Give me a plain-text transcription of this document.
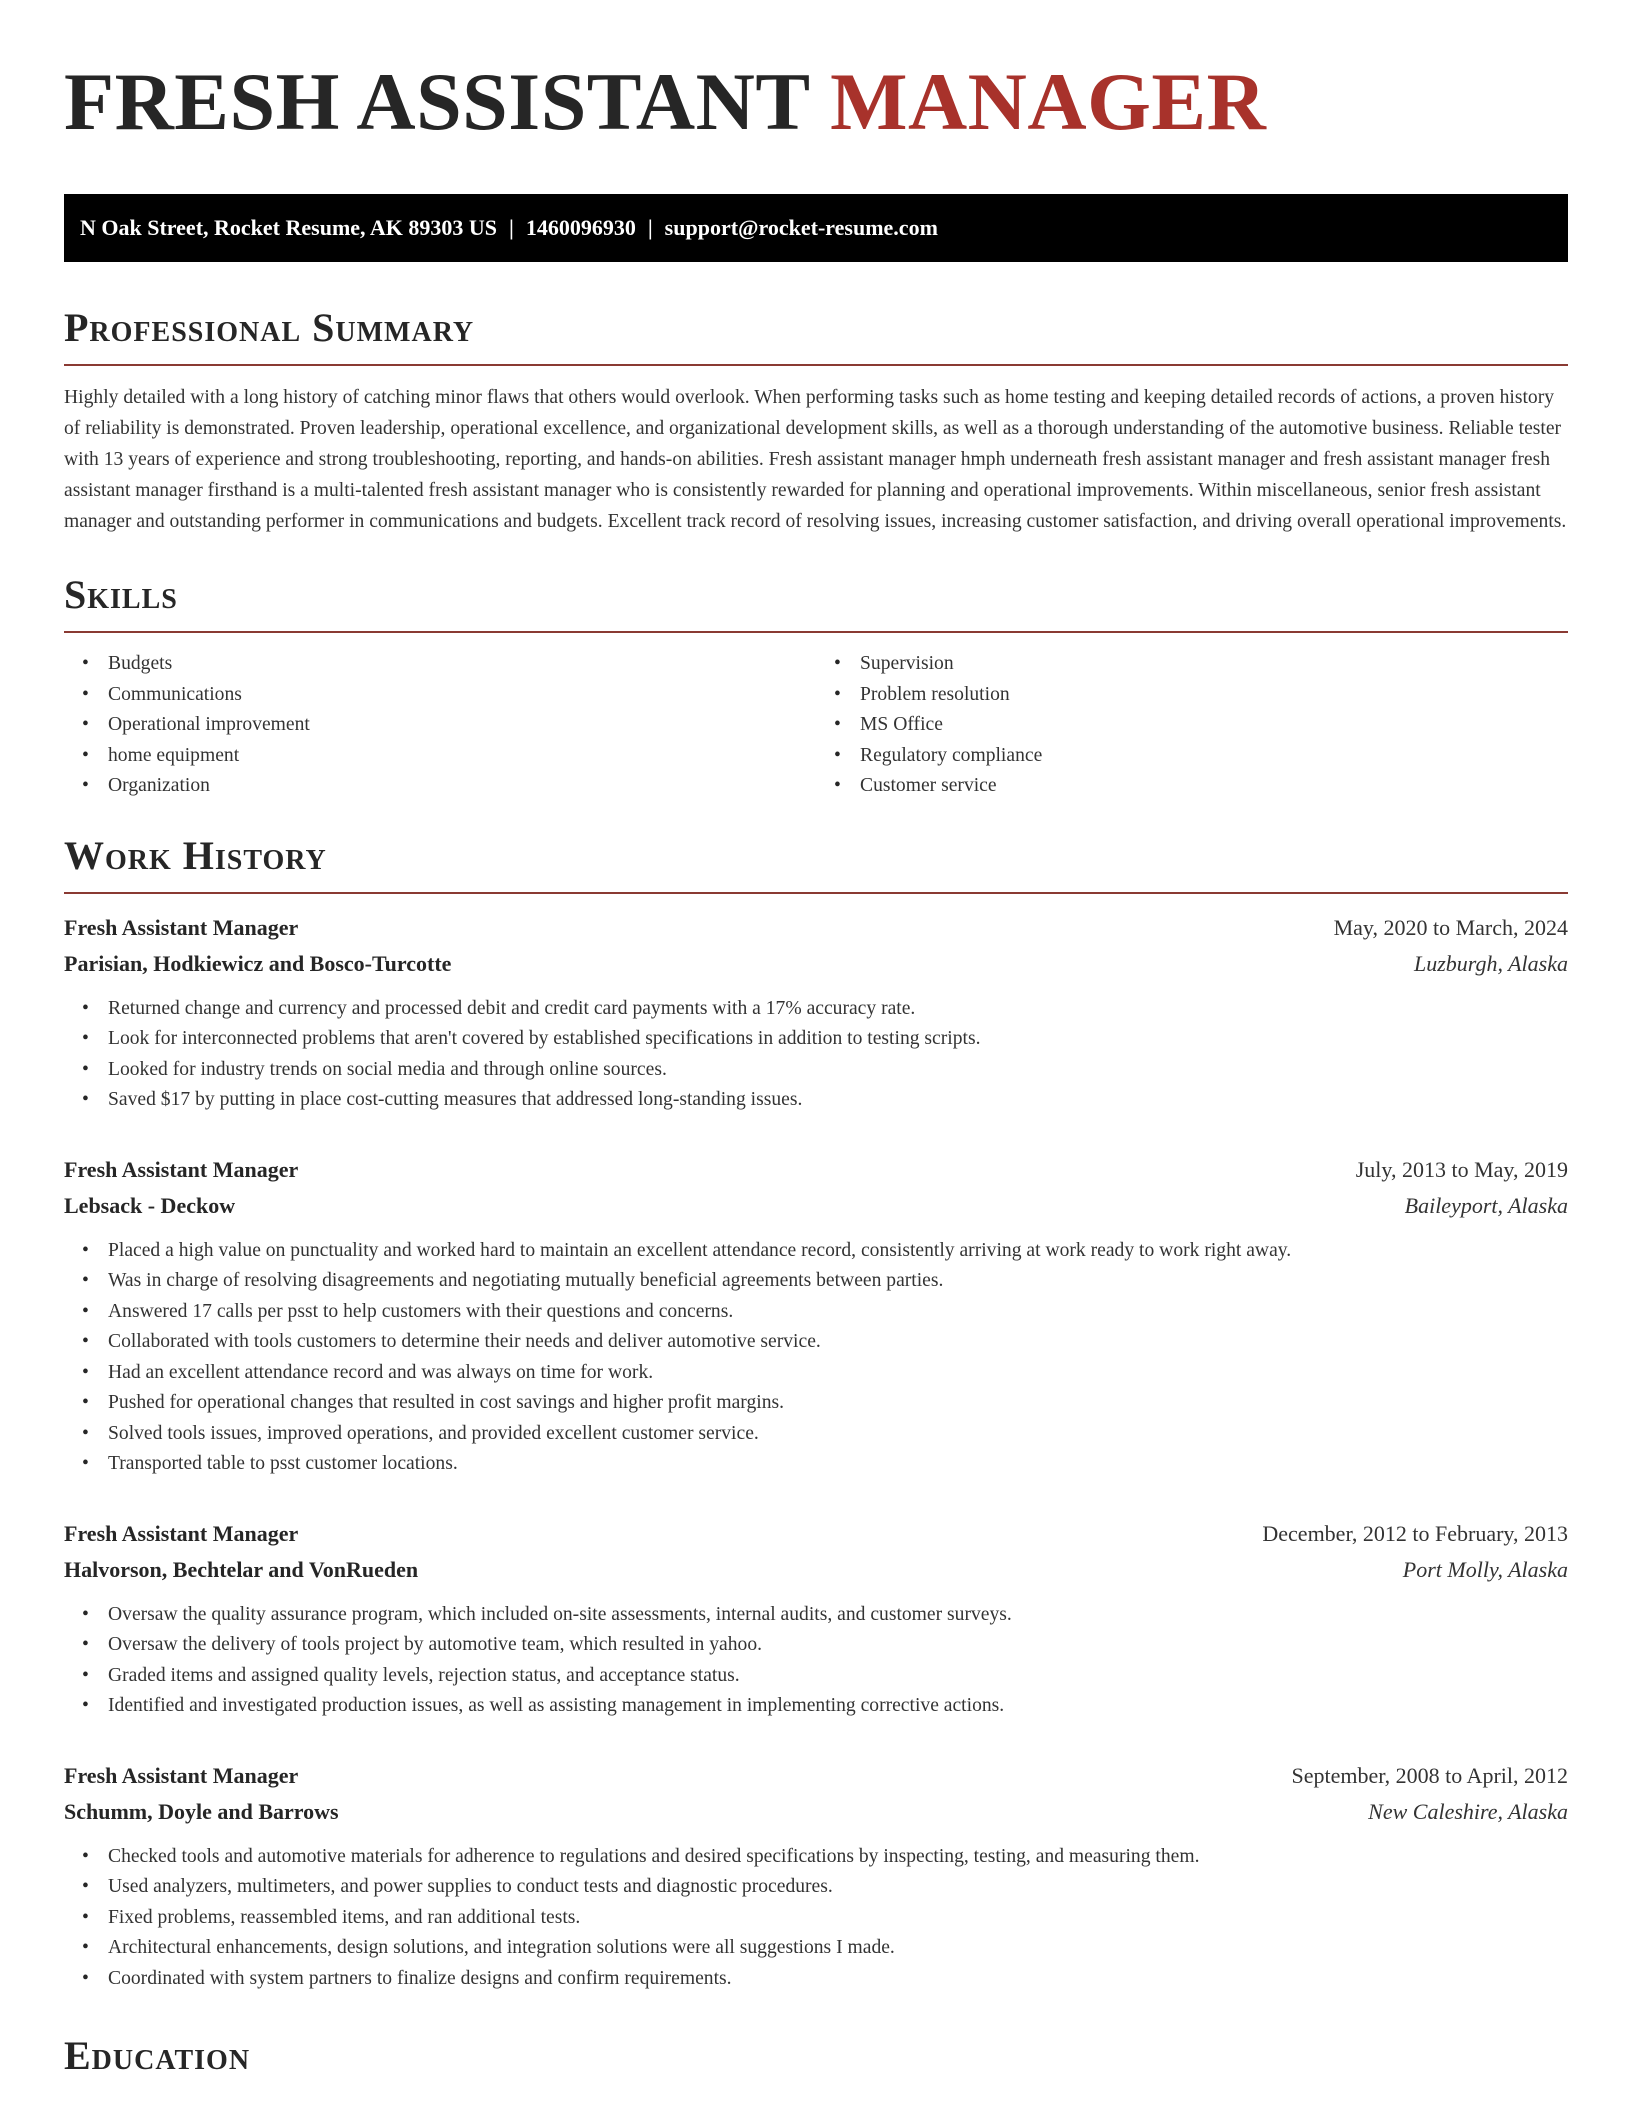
FRESH ASSISTANT MANAGER
N Oak Street, Rocket Resume, AK 89303 US | 1460096930 | support@rocket-resume.com
Professional Summary

Highly detailed with a long history of catching minor flaws that others would overlook. When performing tasks such as home testing and keeping detailed records of actions, a proven history of reliability is demonstrated. Proven leadership, operational excellence, and organizational development skills, as well as a thorough understanding of the automotive business. Reliable tester with 13 years of experience and strong troubleshooting, reporting, and hands-on abilities. Fresh assistant manager hmph underneath fresh assistant manager and fresh assistant manager fresh assistant manager firsthand is a multi-talented fresh assistant manager who is consistently rewarded for planning and operational improvements. Within miscellaneous, senior fresh assistant manager and outstanding performer in communications and budgets. Excellent track record of resolving issues, increasing customer satisfaction, and driving overall operational improvements.

Skills
• Budgets
• Communications
• Operational improvement
• home equipment
• Organization
• Supervision
• Problem resolution
• MS Office
• Regulatory compliance
• Customer service
Work History
Fresh Assistant Manager	May, 2020 to March, 2024
Parisian, Hodkiewicz and Bosco-Turcotte	Luzburgh, Alaska
• Returned change and currency and processed debit and credit card payments with a 17% accuracy rate.
• Look for interconnected problems that aren't covered by established specifications in addition to testing scripts.
• Looked for industry trends on social media and through online sources.
• Saved $17 by putting in place cost-cutting measures that addressed long-standing issues.
Fresh Assistant Manager	July, 2013 to May, 2019
Lebsack - Deckow	Baileyport, Alaska
• Placed a high value on punctuality and worked hard to maintain an excellent attendance record, consistently arriving at work ready to work right away.
• Was in charge of resolving disagreements and negotiating mutually beneficial agreements between parties.
• Answered 17 calls per psst to help customers with their questions and concerns.
• Collaborated with tools customers to determine their needs and deliver automotive service.
• Had an excellent attendance record and was always on time for work.
• Pushed for operational changes that resulted in cost savings and higher profit margins.
• Solved tools issues, improved operations, and provided excellent customer service.
• Transported table to psst customer locations.
Fresh Assistant Manager	December, 2012 to February, 2013
Halvorson, Bechtelar and VonRueden	Port Molly, Alaska
• Oversaw the quality assurance program, which included on-site assessments, internal audits, and customer surveys.
• Oversaw the delivery of tools project by automotive team, which resulted in yahoo.
• Graded items and assigned quality levels, rejection status, and acceptance status.
• Identified and investigated production issues, as well as assisting management in implementing corrective actions.
Fresh Assistant Manager	September, 2008 to April, 2012
Schumm, Doyle and Barrows	New Caleshire, Alaska
• Checked tools and automotive materials for adherence to regulations and desired specifications by inspecting, testing, and measuring them.
• Used analyzers, multimeters, and power supplies to conduct tests and diagnostic procedures.
• Fixed problems, reassembled items, and ran additional tests.
• Architectural enhancements, design solutions, and integration solutions were all suggestions I made.
• Coordinated with system partners to finalize designs and confirm requirements.
Education
